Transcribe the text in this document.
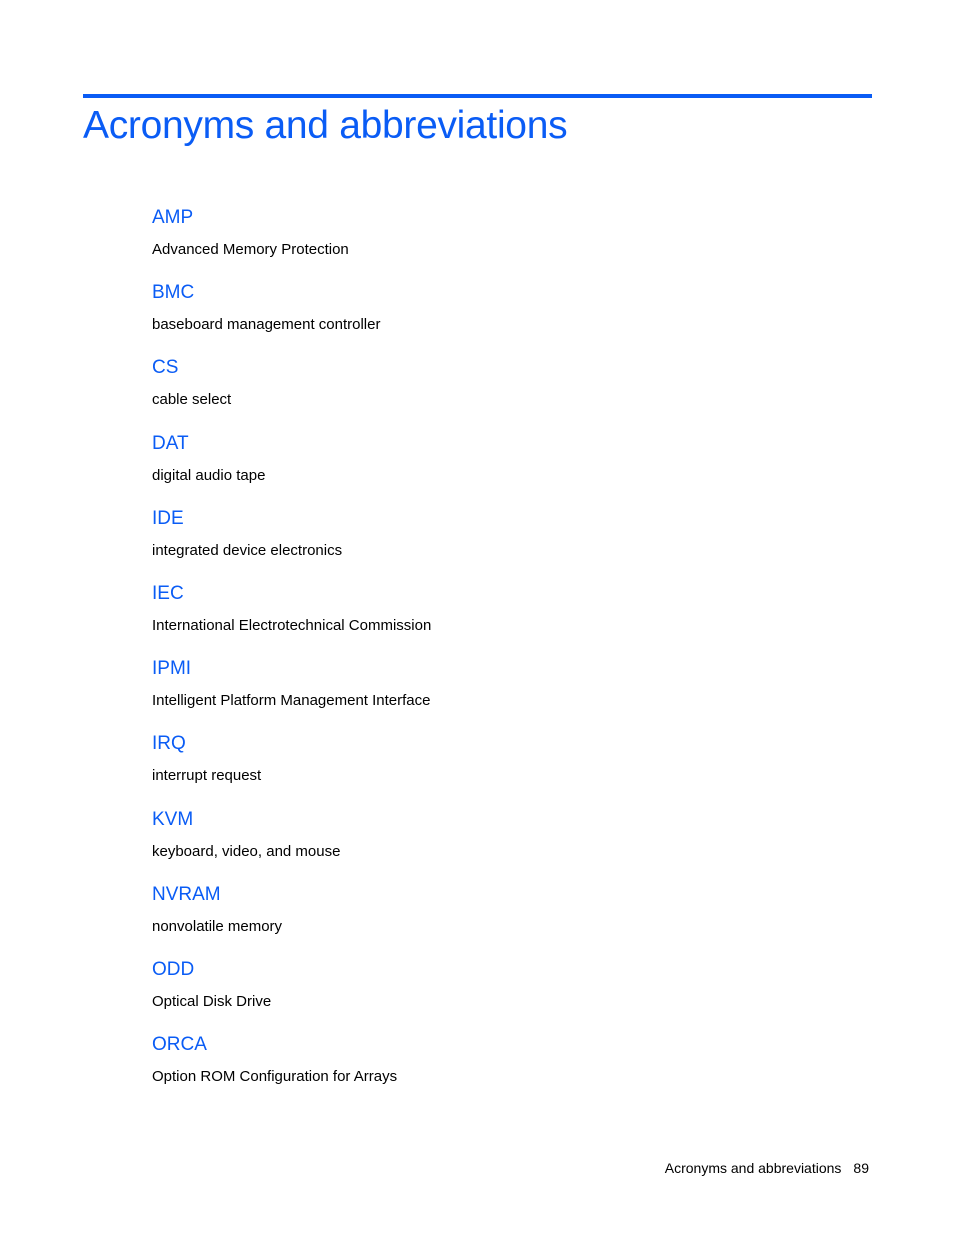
Acronyms and abbreviations
AMP
Advanced Memory Protection
BMC
baseboard management controller
CS
cable select
DAT
digital audio tape
IDE
integrated device electronics
IEC
International Electrotechnical Commission
IPMI
Intelligent Platform Management Interface
IRQ
interrupt request
KVM
keyboard, video, and mouse
NVRAM
nonvolatile memory
ODD
Optical Disk Drive
ORCA
Option ROM Configuration for Arrays
Acronyms and abbreviations 89
